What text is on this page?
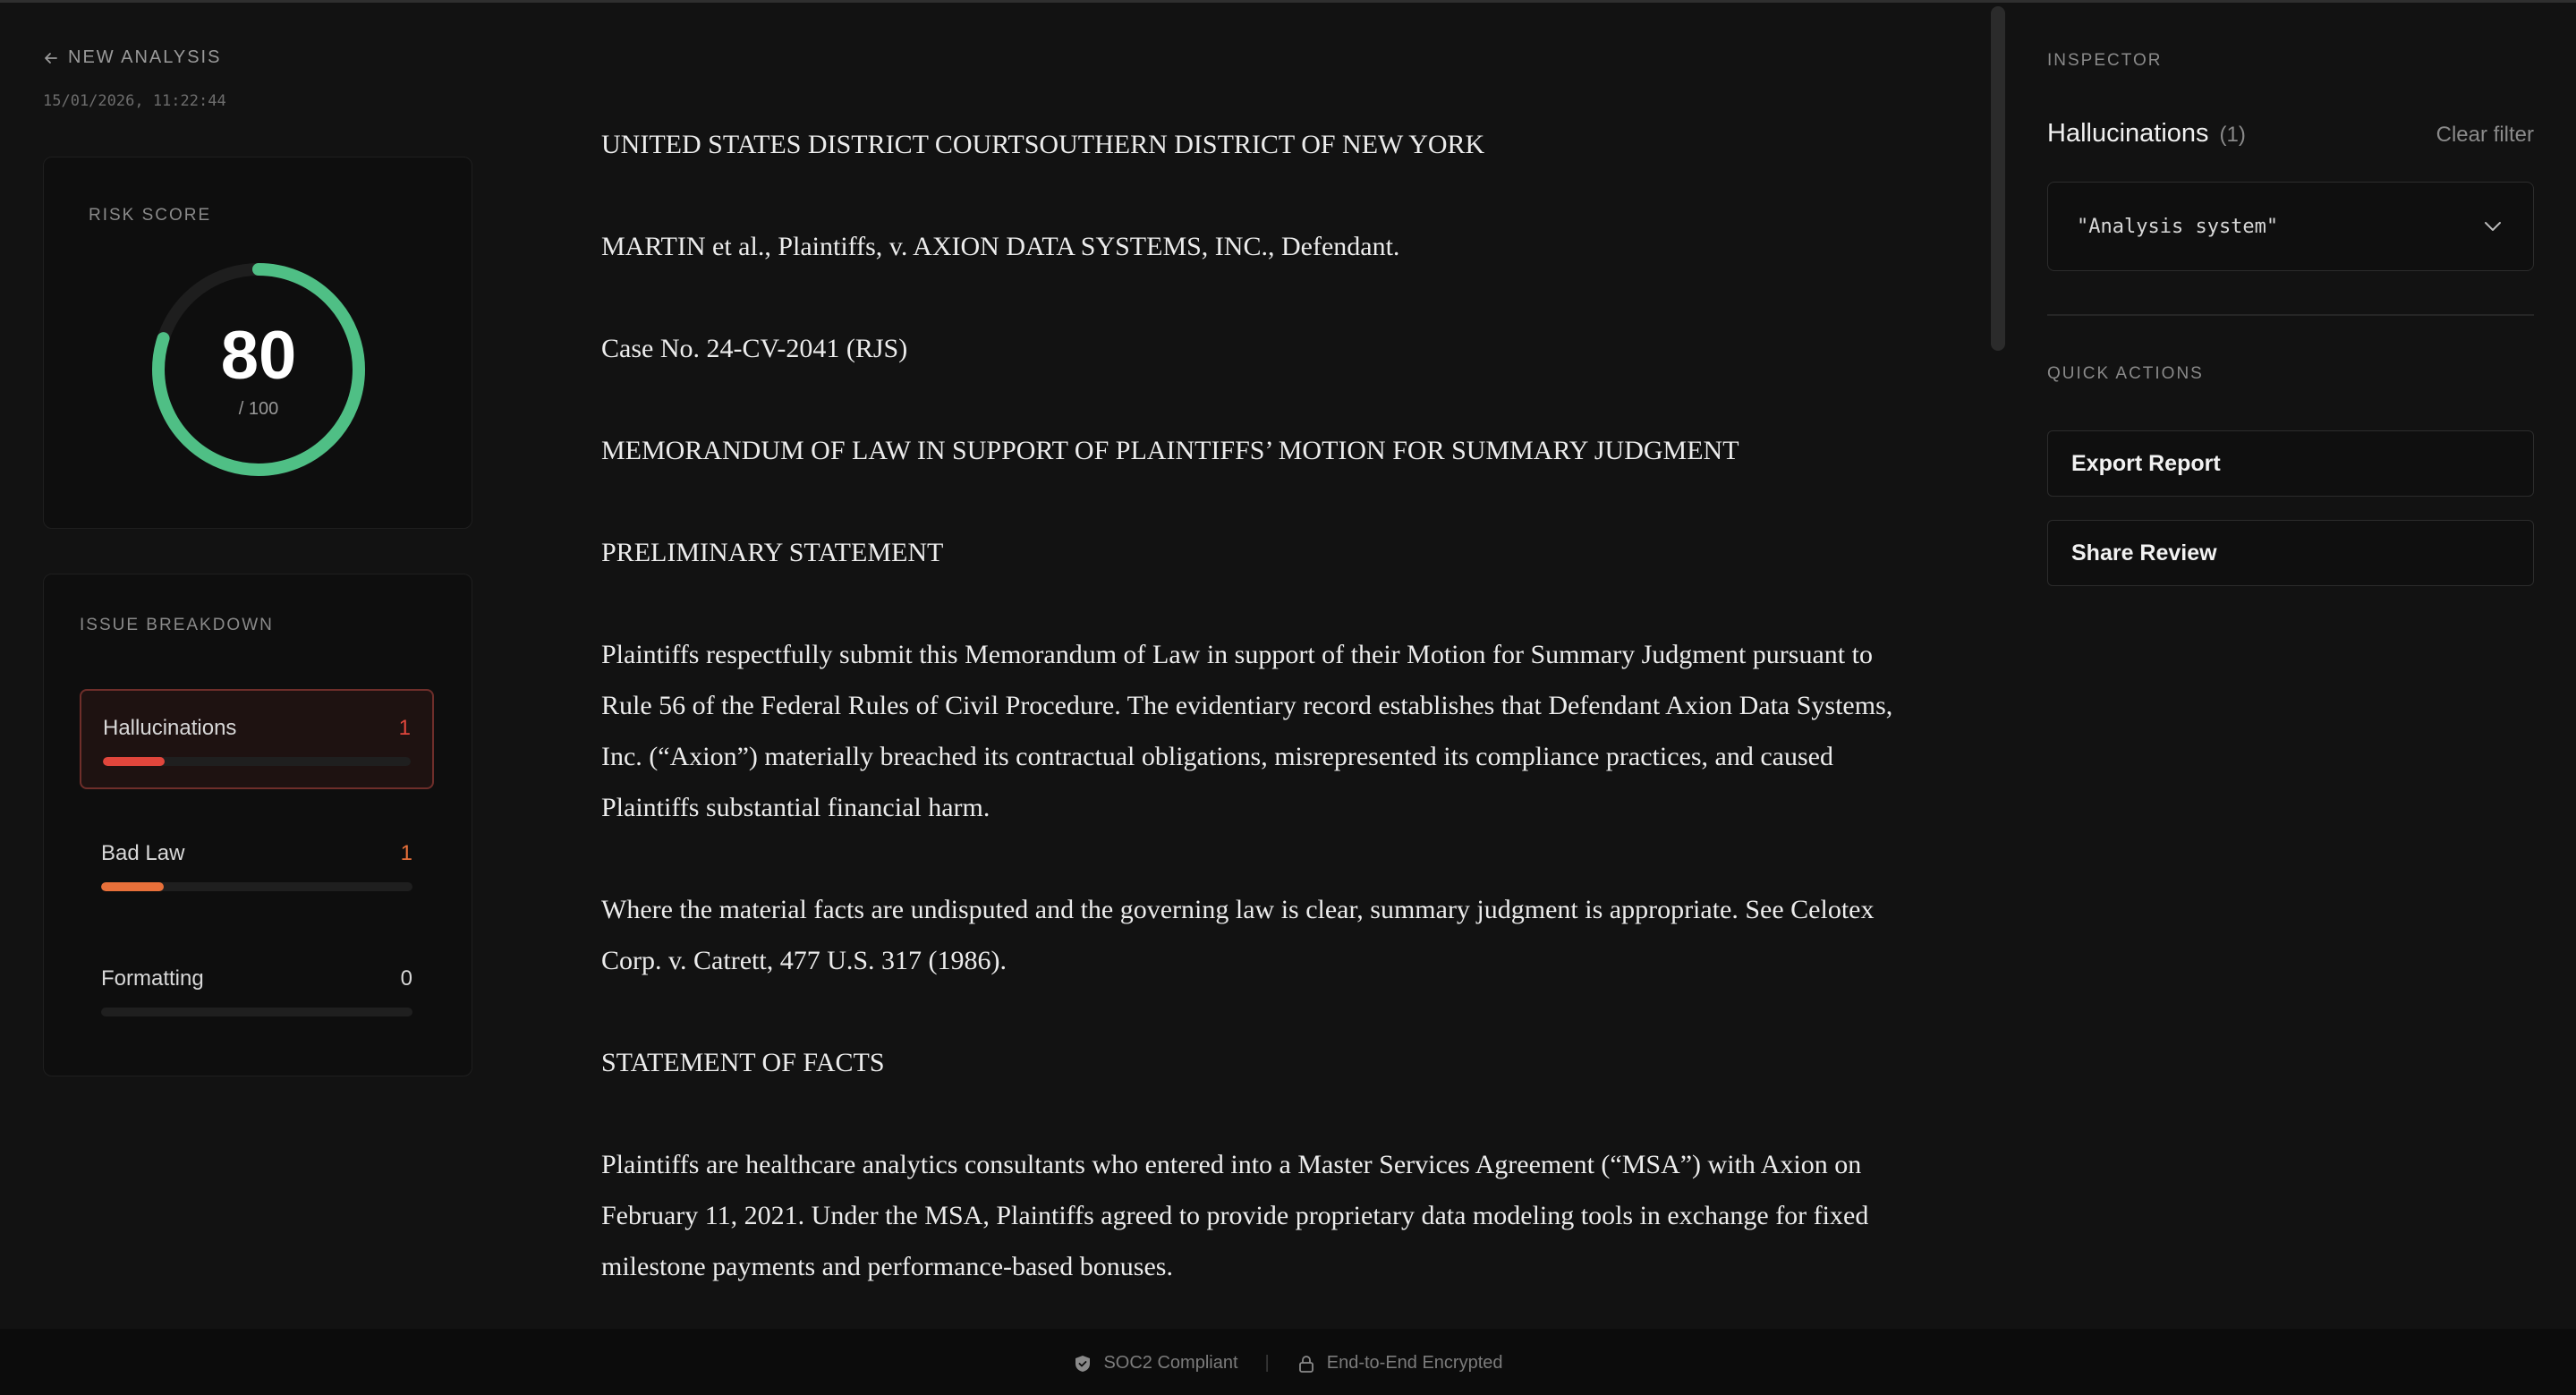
NEW ANALYSIS
15/01/2026, 11:22:44
RISK SCORE
80
/ 100
ISSUE BREAKDOWN
Hallucinations	1
Bad Law	1
Formatting	0

UNITED STATES DISTRICT COURTSOUTHERN DISTRICT OF NEW YORK

MARTIN et al., Plaintiffs, v. AXION DATA SYSTEMS, INC., Defendant.

Case No. 24-CV-2041 (RJS)

MEMORANDUM OF LAW IN SUPPORT OF PLAINTIFFS’ MOTION FOR SUMMARY JUDGMENT

PRELIMINARY STATEMENT

Plaintiffs respectfully submit this Memorandum of Law in support of their Motion for Summary Judgment pursuant to Rule 56 of the Federal Rules of Civil Procedure. The evidentiary record establishes that Defendant Axion Data Systems, Inc. (“Axion”) materially breached its contractual obligations, misrepresented its compliance practices, and caused Plaintiffs substantial financial harm.

Where the material facts are undisputed and the governing law is clear, summary judgment is appropriate. See Celotex Corp. v. Catrett, 477 U.S. 317 (1986).

STATEMENT OF FACTS

Plaintiffs are healthcare analytics consultants who entered into a Master Services Agreement (“MSA”) with Axion on February 11, 2021. Under the MSA, Plaintiffs agreed to provide proprietary data modeling tools in exchange for fixed milestone payments and performance-based bonuses.

INSPECTOR
Hallucinations (1)	Clear filter
"Analysis system"
QUICK ACTIONS
Export Report
Share Review
SOC2 Compliant |	End-to-End Encrypted
